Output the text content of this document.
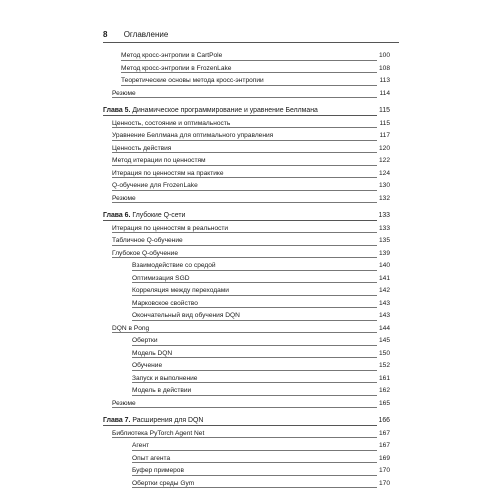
8 Оглавление
Метод кросс-энтропии в CartPole	100
Метод кросс-энтропии в FrozenLake	108
Теоретические основы метода кросс-энтропии	113
Резюме	114
Глава 5. Динамическое программирование и уравнение Беллмана	115
Ценность, состояние и оптимальность	115
Уравнение Беллмана для оптимального управления	117
Ценность действия	120
Метод итерации по ценностям	122
Итерация по ценностям на практике	124
Q-обучение для FrozenLake	130
Резюме	132
Глава 6. Глубокие Q-сети	133
Итерация по ценностям в реальности	133
Табличное Q-обучение	135
Глубокое Q-обучение	139
Взаимодействие со средой	140
Оптимизация SGD	141
Корреляция между переходами	142
Марковское свойство	143
Окончательный вид обучения DQN	143
DQN в Pong	144
Обертки	145
Модель DQN	150
Обучение	152
Запуск и выполнение	161
Модель в действии	162
Резюме	165
Глава 7. Расширения для DQN	166
Библиотека PyTorch Agent Net	167
Агент	167
Опыт агента	169
Буфер примеров	170
Обертки среды Gym	170
